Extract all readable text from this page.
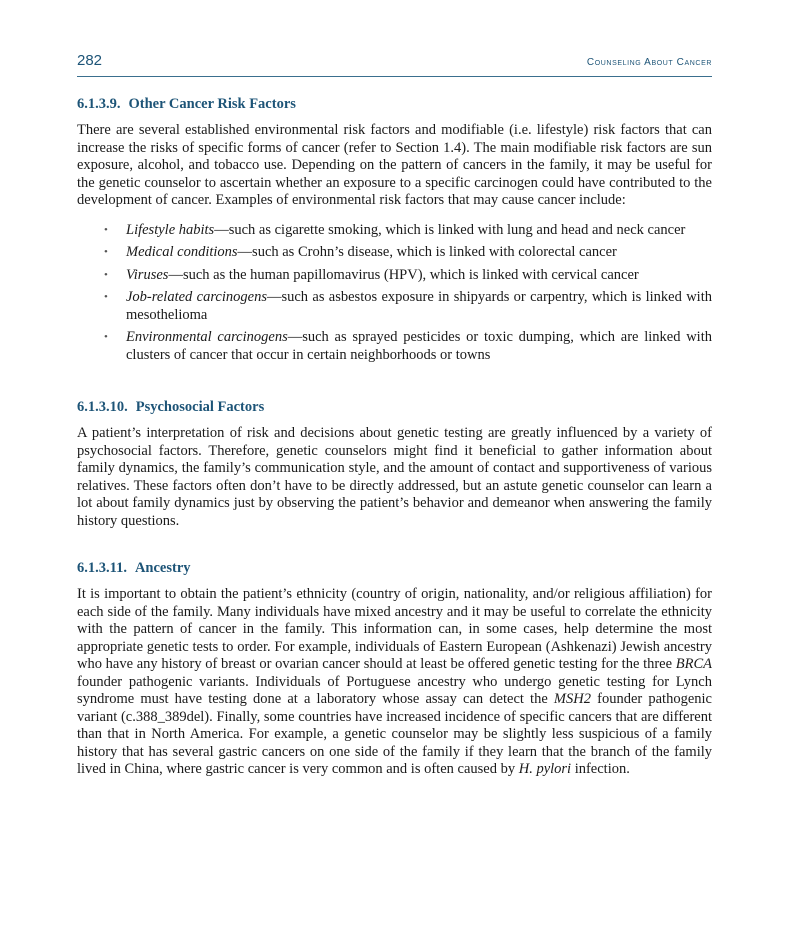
282	Counseling About Cancer
6.1.3.9. Other Cancer Risk Factors

There are several established environmental risk factors and modifiable (i.e. lifestyle) risk factors that can increase the risks of specific forms of cancer (refer to Section 1.4). The main modifiable risk factors are sun exposure, alcohol, and tobacco use. Depending on the pattern of cancers in the family, it may be useful for the genetic counselor to ascertain whether an exposure to a specific carcinogen could have contributed to the development of cancer. Examples of environmental risk factors that may cause cancer include:

• Lifestyle habits—such as cigarette smoking, which is linked with lung and head and neck cancer
• Medical conditions—such as Crohn’s disease, which is linked with colorectal cancer
• Viruses—such as the human papillomavirus (HPV), which is linked with cervical cancer
• Job-related carcinogens—such as asbestos exposure in shipyards or carpentry, which is linked with mesothelioma
• Environmental carcinogens—such as sprayed pesticides or toxic dumping, which are linked with clusters of cancer that occur in certain neighborhoods or towns
6.1.3.10. Psychosocial Factors

A patient’s interpretation of risk and decisions about genetic testing are greatly influenced by a variety of psychosocial factors. Therefore, genetic counselors might find it beneficial to gather information about family dynamics, the family’s communication style, and the amount of contact and supportiveness of various relatives. These factors often don’t have to be directly addressed, but an astute genetic counselor can learn a lot about family dynamics just by observing the patient’s behavior and demeanor when answering the family history questions.

6.1.3.11. Ancestry

It is important to obtain the patient’s ethnicity (country of origin, nationality, and/or religious affiliation) for each side of the family. Many individuals have mixed ancestry and it may be useful to correlate the ethnicity with the pattern of cancer in the family. This information can, in some cases, help determine the most appropriate genetic tests to order. For example, individuals of Eastern European (Ashkenazi) Jewish ancestry who have any history of breast or ovarian cancer should at least be offered genetic testing for the three BRCA founder pathogenic variants. Individuals of Portuguese ancestry who undergo genetic testing for Lynch syndrome must have testing done at a laboratory whose assay can detect the MSH2 founder pathogenic variant (c.388_389del). Finally, some countries have increased incidence of specific cancers that are different than that in North America. For example, a genetic counselor may be slightly less suspicious of a family history that has several gastric cancers on one side of the family if they learn that the branch of the family lived in China, where gastric cancer is very common and is often caused by H. pylori infection.
